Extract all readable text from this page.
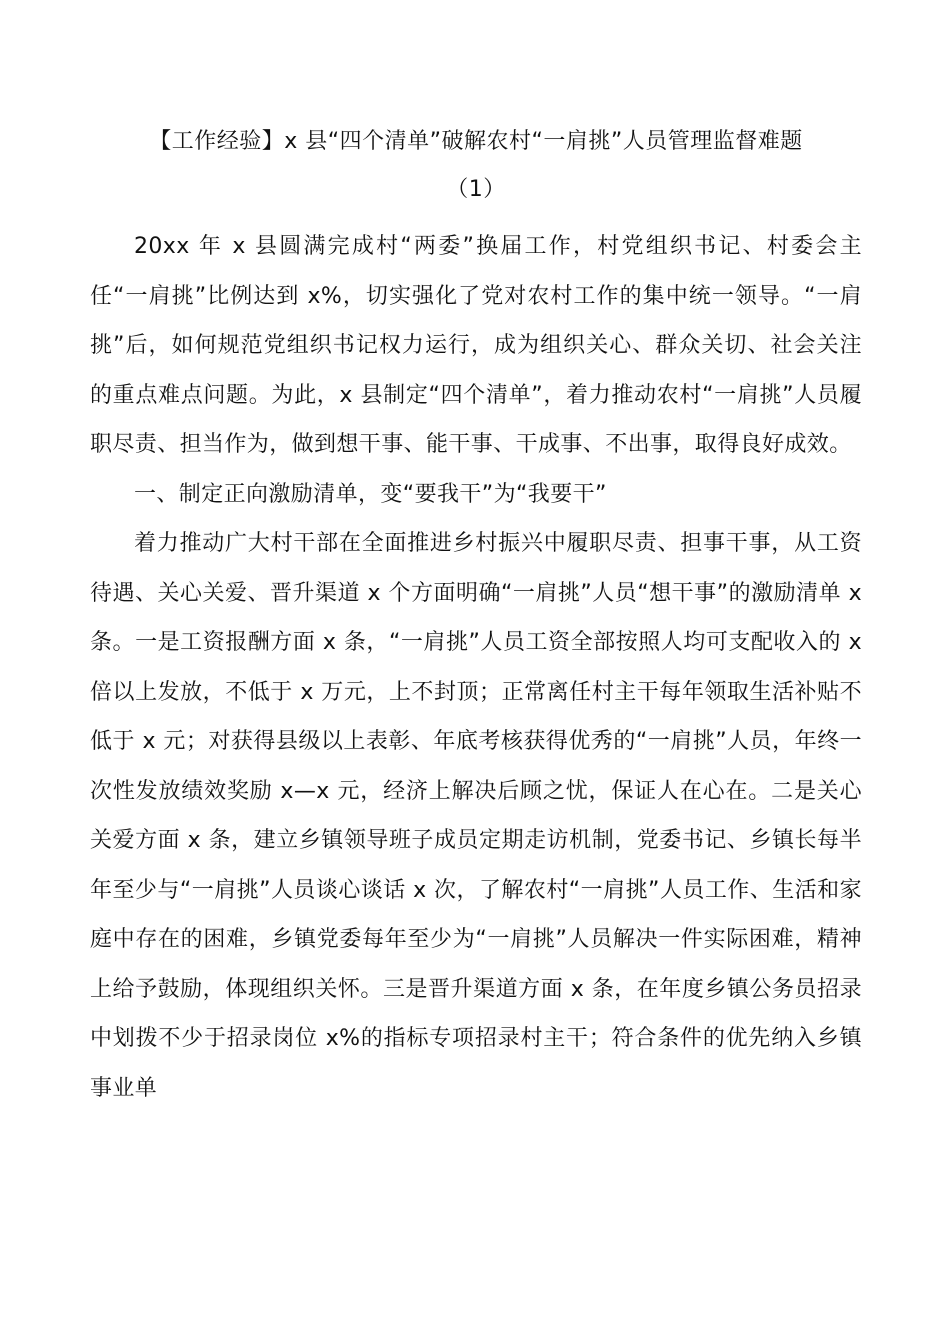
【工作经验】x 县“四个清单”破解农村“一肩挑”人员管理监督难题
（1）

20xx 年 x 县圆满完成村“两委”换届工作，村党组织书记、村委会主任“一肩挑”比例达到 x%，切实强化了党对农村工作的集中统一领导。“一肩挑”后，如何规范党组织书记权力运行，成为组织关心、群众关切、社会关注的重点难点问题。为此，x 县制定“四个清单”，着力推动农村“一肩挑”人员履职尽责、担当作为，做到想干事、能干事、干成事、不出事，取得良好成效。

一、制定正向激励清单，变“要我干”为“我要干”

着力推动广大村干部在全面推进乡村振兴中履职尽责、担事干事，从工资待遇、关心关爱、晋升渠道 x 个方面明确“一肩挑”人员“想干事”的激励清单 x 条。一是工资报酬方面 x 条，“一肩挑”人员工资全部按照人均可支配收入的 x 倍以上发放，不低于 x 万元，上不封顶；正常离任村主干每年领取生活补贴不低于 x 元；对获得县级以上表彰、年底考核获得优秀的“一肩挑”人员，年终一次性发放绩效奖励 x—x 元，经济上解决后顾之忧，保证人在心在。二是关心关爱方面 x 条，建立乡镇领导班子成员定期走访机制，党委书记、乡镇长每半年至少与“一肩挑”人员谈心谈话 x 次，了解农村“一肩挑”人员工作、生活和家庭中存在的困难，乡镇党委每年至少为“一肩挑”人员解决一件实际困难，精神上给予鼓励，体现组织关怀。三是晋升渠道方面 x 条，在年度乡镇公务员招录中划拨不少于招录岗位 x%的指标专项招录村主干；符合条件的优先纳入乡镇事业单
